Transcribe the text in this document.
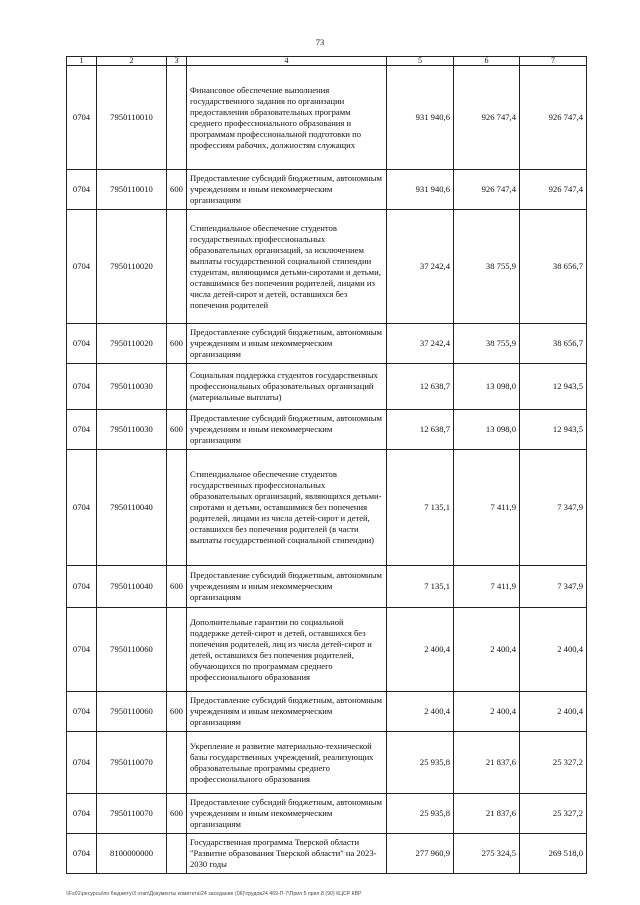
73
1	2	3	4	5	6	7
0704	7950110010		Финансовое обеспечение выполнения государственного задания по организации предоставления образовательных программ среднего профессионального образования и программам профессиональной подготовки по профессиям рабочих, должностям служащих	931 940,6	926 747,4	926 747,4
0704	7950110010	600	Предоставление субсидий бюджетным, автономным учреждениям и иным некоммерческим организациям	931 940,6	926 747,4	926 747,4
0704	7950110020		Стипендиальное обеспечение студентов государственных профессиональных образовательных организаций, за исключением выплаты государственной социальной стипендии студентам, являющимся детьми-сиротами и детьми, оставшимися без попечения родителей, лицами из числа детей-сирот и детей, оставшихся без попечения родителей	37 242,4	38 755,9	38 656,7
0704	7950110020	600	Предоставление субсидий бюджетным, автономным учреждениям и иным некоммерческим организациям	37 242,4	38 755,9	38 656,7
0704	7950110030		Социальная поддержка студентов государственных профессиональных образовательных организаций (материальные выплаты)	12 638,7	13 098,0	12 943,5
0704	7950110030	600	Предоставление субсидий бюджетным, автономным учреждениям и иным некоммерческим организациям	12 638,7	13 098,0	12 943,5
0704	7950110040		Стипендиальное обеспечение студентов государственных профессиональных образовательных организаций, являющихся детьми-сиротами и детьми, оставшимися без попечения родителей, лицами из числа детей-сирот и детей, оставшихся без попечения родителей (в части выплаты государственной социальной стипендии)	7 135,1	7 411,9	7 347,9
0704	7950110040	600	Предоставление субсидий бюджетным, автономным учреждениям и иным некоммерческим организациям	7 135,1	7 411,9	7 347,9
0704	7950110060		Дополнительные гарантии по социальной поддержке детей-сирот и детей, оставшихся без попечения родителей, лиц из числа детей-сирот и детей, оставшихся без попечения родителей, обучающихся по программам среднего профессионального образования	2 400,4	2 400,4	2 400,4
0704	7950110060	600	Предоставление субсидий бюджетным, автономным учреждениям и иным некоммерческим организациям	2 400,4	2 400,4	2 400,4
0704	7950110070		Укрепление и развитие материально-технической базы государственных учреждений, реализующих образовательные программы среднего профессионального образования	25 935,8	21 837,6	25 327,2
0704	7950110070	600	Предоставление субсидий бюджетным, автономным учреждениям и иным некоммерческим организациям	25 935,8	21 837,6	25 327,2
0704	8100000000		Государственная программа Тверской области "Развитие образования Тверской области" на 2023-2030 годы	277 960,9	275 324,5	269 518,0
\\Fs01\ресурсы\по бюджету\3 этап\Документы комитета\24 заседание (06)\трудов24 469-П-7\Прил 5 прил.8 (90) КЦСР КВР
